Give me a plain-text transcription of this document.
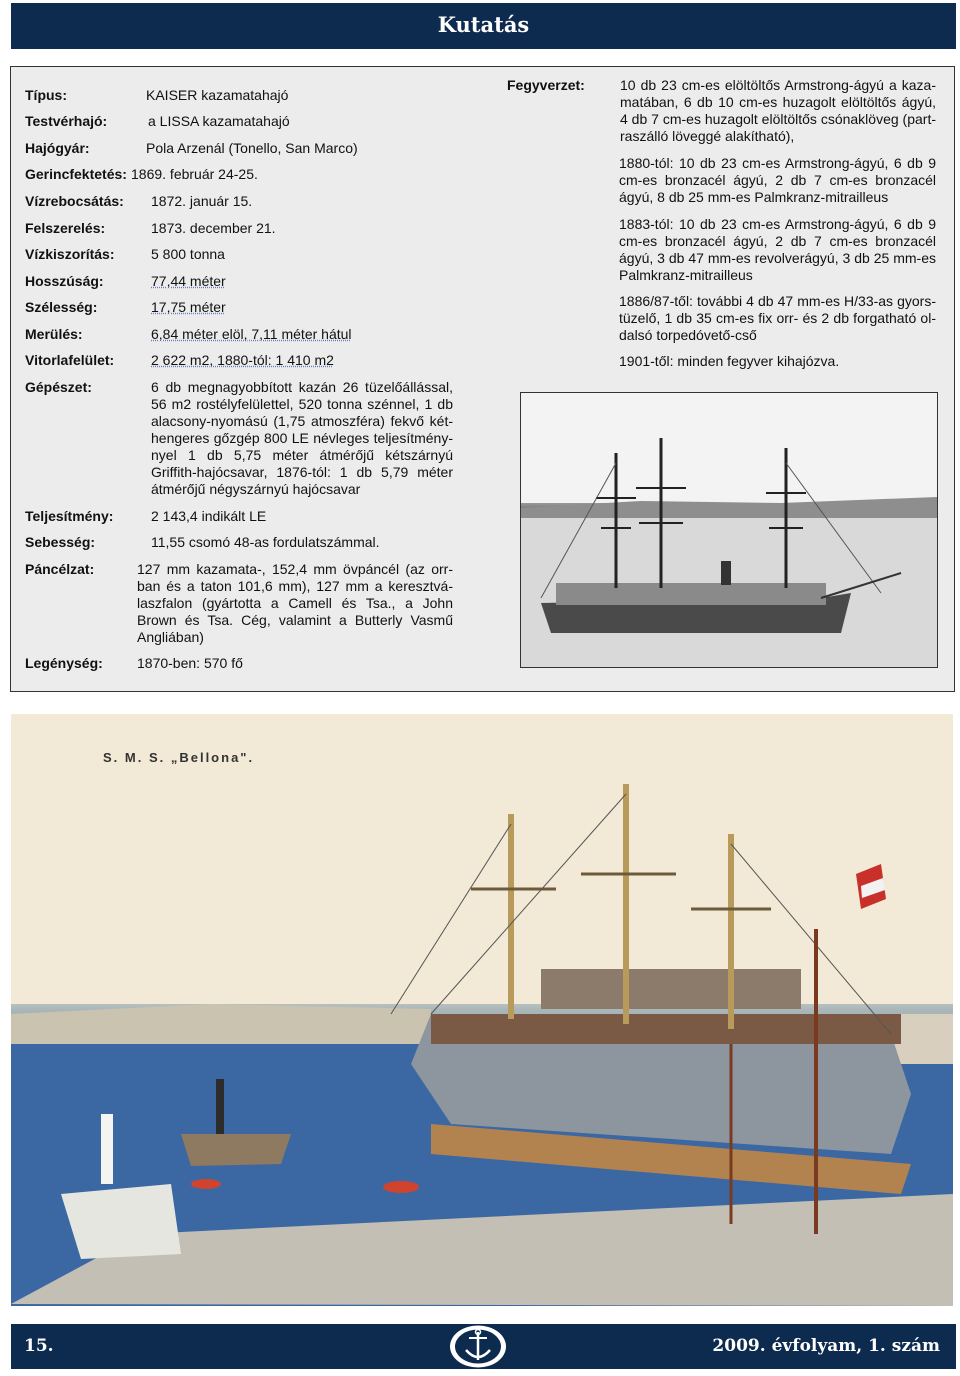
Kutatás
Típus:	KAISER kazamatahajó
Testvérhajó:	a LISSA kazamatahajó
Hajógyár:	Pola Arzenál (Tonello, San Marco)
Gerincfektetés: 1869. február 24-25.
Vízrebocsátás: 1872. január 15.
Felszerelés:	1873. december 21.
Vízkiszorítás:	5 800 tonna
Hosszúság:	77,44 méter
Szélesség:	17,75 méter
Merülés:	6,84 méter elöl, 7,11 méter hátul
Vitorlafelület:	2 622 m2, 1880-tól: 1 410 m2
Gépészet:	6 db megnagyobbított kazán 26 tüzelőállással, 56 m2 rostélyfelülettel, 520 tonna szénnel, 1 db alacsony-nyomású (1,75 atmoszféra) fekvő két-hengeres gőzgép 800 LE névleges teljesítmény-nyel 1 db 5,75 méter átmérőjű kétszárnyú Griffith-hajócsavar, 1876-tól: 1 db 5,79 méter átmérőjű négyszárnyú hajócsavar
Teljesítmény:	2 143,4 indikált LE
Sebesség:	11,55 csomó 48-as fordulatszámmal.
Páncélzat:	127 mm kazamata-, 152,4 mm övpáncél (az orr-ban és a taton 101,6 mm), 127 mm a keresztvá-laszfalon (gyártotta a Camell és Tsa., a John Brown és Tsa. Cég, valamint a Butterly Vasmű Angliában)
Legénység: 1870-ben: 570 fő
Fegyverzet:	10 db 23 cm-es elöltöltős Armstrong-ágyú a kaza-matában, 6 db 10 cm-es huzagolt elöltöltős ágyú, 4 db 7 cm-es huzagolt elöltöltős csónaklöveg (part-raszálló löveggé alakítható),
1880-tól: 10 db 23 cm-es Armstrong-ágyú, 6 db 9 cm-es bronzacél ágyú, 2 db 7 cm-es bronzacél ágyú, 8 db 25 mm-es Palmkranz-mitrailleus
1883-tól: 10 db 23 cm-es Armstrong-ágyú, 6 db 9 cm-es bronzacél ágyú, 2 db 7 cm-es bronzacél ágyú, 3 db 47 mm-es revolverágyú, 3 db 25 mm-es Palmkranz-mitrailleus
1886/87-től: további 4 db 47 mm-es H/33-as gyors-tüzelő, 1 db 35 cm-es fix orr- és 2 db forgatható ol-dalsó torpedóvető-cső
1901-től: minden fegyver kihajózva.
S. M. S. „Bellona".
15.	2009. évfolyam, 1. szám
